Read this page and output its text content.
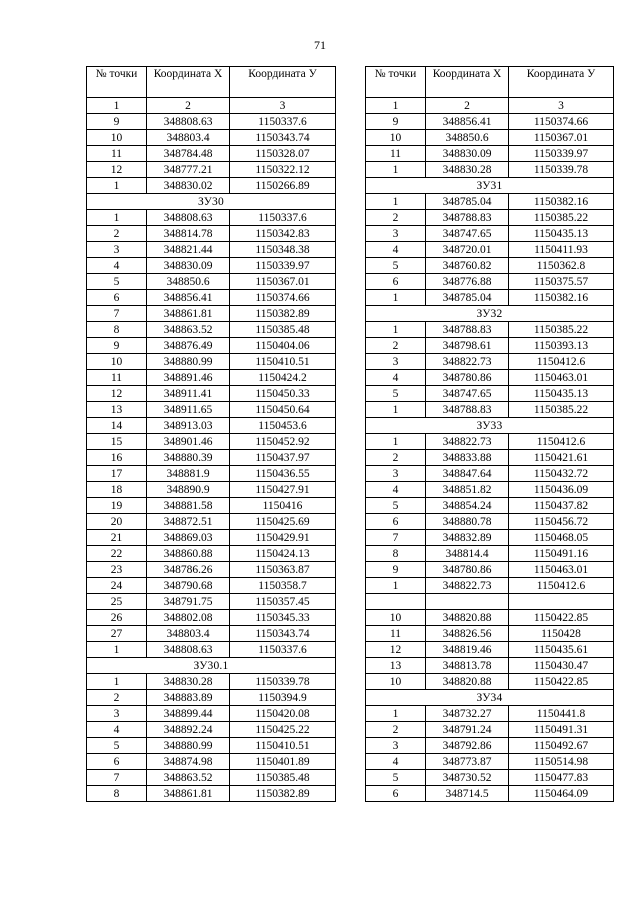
71
№ точки	Координата Х	Координата У
1	2	3
9	348808.63	1150337.6
10	348803.4	1150343.74
11	348784.48	1150328.07
12	348777.21	1150322.12
1	348830.02	1150266.89
ЗУ30		
1	348808.63	1150337.6
2	348814.78	1150342.83
3	348821.44	1150348.38
4	348830.09	1150339.97
5	348850.6	1150367.01
6	348856.41	1150374.66
7	348861.81	1150382.89
8	348863.52	1150385.48
9	348876.49	1150404.06
10	348880.99	1150410.51
11	348891.46	1150424.2
12	348911.41	1150450.33
13	348911.65	1150450.64
14	348913.03	1150453.6
15	348901.46	1150452.92
16	348880.39	1150437.97
17	348881.9	1150436.55
18	348890.9	1150427.91
19	348881.58	1150416
20	348872.51	1150425.69
21	348869.03	1150429.91
22	348860.88	1150424.13
23	348786.26	1150363.87
24	348790.68	1150358.7
25	348791.75	1150357.45
26	348802.08	1150345.33
27	348803.4	1150343.74
1	348808.63	1150337.6
ЗУ30.1		
1	348830.28	1150339.78
2	348883.89	1150394.9
3	348899.44	1150420.08
4	348892.24	1150425.22
5	348880.99	1150410.51
6	348874.98	1150401.89
7	348863.52	1150385.48
8	348861.81	1150382.89
№ точки	Координата Х	Координата У
1	2	3
9	348856.41	1150374.66
10	348850.6	1150367.01
11	348830.09	1150339.97
1	348830.28	1150339.78
ЗУ31		
1	348785.04	1150382.16
2	348788.83	1150385.22
3	348747.65	1150435.13
4	348720.01	1150411.93
5	348760.82	1150362.8
6	348776.88	1150375.57
1	348785.04	1150382.16
ЗУ32		
1	348788.83	1150385.22
2	348798.61	1150393.13
3	348822.73	1150412.6
4	348780.86	1150463.01
5	348747.65	1150435.13
1	348788.83	1150385.22
ЗУ33		
1	348822.73	1150412.6
2	348833.88	1150421.61
3	348847.64	1150432.72
4	348851.82	1150436.09
5	348854.24	1150437.82
6	348880.78	1150456.72
7	348832.89	1150468.05
8	348814.4	1150491.16
9	348780.86	1150463.01
1	348822.73	1150412.6

10	348820.88	1150422.85
11	348826.56	1150428
12	348819.46	1150435.61
13	348813.78	1150430.47
10	348820.88	1150422.85
ЗУ34		
1	348732.27	1150441.8
2	348791.24	1150491.31
3	348792.86	1150492.67
4	348773.87	1150514.98
5	348730.52	1150477.83
6	348714.5	1150464.09
